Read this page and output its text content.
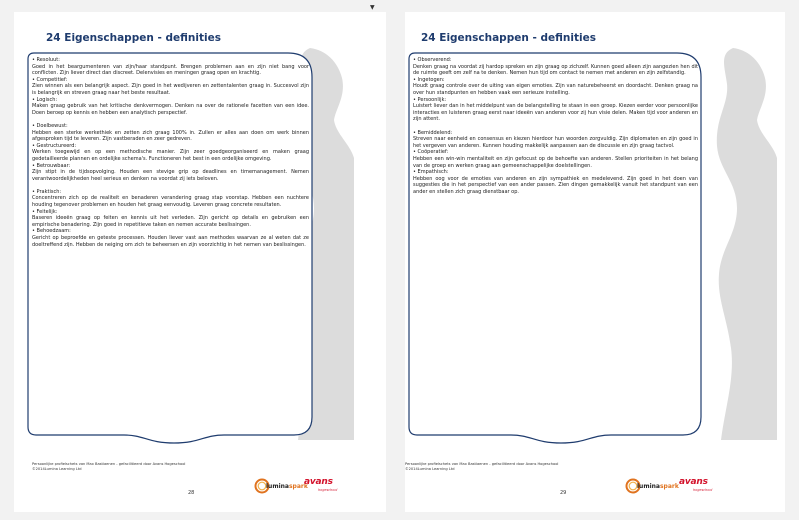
▼
24 Eigenschappen - definities
• Resoluut:
Goed in het beargumenteren van zijn/haar standpunt. Brengen problemen aan en zijn niet bang voor conflicten. Zijn liever direct dan discreet. Delenvisies en meningen graag open en krachtig.
• Competitief:
Zien winnen als een belangrijk aspect. Zijn goed in het wedijveren en zettentalenten graag in. Succesvol zijn is belangrijk en streven graag naar het beste resultaat.
• Logisch:
Maken graag gebruik van het kritische denkvermogen. Denken na over de rationele facetten van een idee. Doen beroep op kennis en hebben een analytisch perspectief.
• Doelbewust:
Hebben een sterke werkethiek en zetten zich graag 100% in. Zullen er alles aan doen om werk binnen afgesproken tijd te leveren. Zijn vastberaden en zeer gedreven.
• Gestructureerd:
Werken toegewijd en op een methodische manier. Zijn zeer goedgeorganiseerd en maken graag gedetailleerde plannen en ordelijke schema's. Functioneren het best in een ordelijke omgeving.
• Betrouwbaar:
Zijn stipt in de tijdsopvolging. Houden een stevige grip op deadlines en timemanagement. Nemen verantwoordelijkheden heel serieus en denken na voordat zij iets beloven.
• Praktisch:
Concentreren zich op de realiteit en benaderen verandering graag stap voorstap. Hebben een nuchtere houding tegenover problemen en houden het graag eenvoudig. Leveren graag concrete resultaten.
• Feitelijk:
Baseren ideeën graag op feiten en kennis uit het verleden. Zijn gericht op details en gebruiken een empirische benadering. Zijn goed in repetitieve taken en nemen accurate beslissingen.
• Behoedzaam:
Gericht op beproefde en geteste processen. Houden liever vast aan methodes waarvan ze al weten dat ze doeltreffend zijn. Hebben de neiging om zich te beheersen en zijn voorzichtig in het nemen van beslissingen.
Persoonlijke profielschets van Max Bastiaenen - gefacilitieerd door Avans Hogeschool
©2014Lumina Learning Ltd
28
luminaspark
avans
hogeschool
24 Eigenschappen - definities
• Observerend:
Denken graag na voordat zij hardop spreken en zijn graag op zichzelf. Kunnen goed alleen zijn aangezien hen dit de ruimte geeft om zelf na te denken. Nemen hun tijd om contact te nemen met anderen en zijn zelfstandig.
• Ingetogen:
Houdt graag controle over de uiting van eigen emoties. Zijn van naturebeheerst en doordacht. Denken graag na over hun standpunten en hebben vaak een serieuze instelling.
• Persoonlijk:
Luistert liever dan in het middelpunt van de belangstelling te staan in een groep. Kiezen eerder voor persoonlijke interacties en luisteren graag eerst naar ideeën van anderen voor zij hun visie delen. Maken tijd voor anderen en zijn attent.
• Bemiddelend:
Streven naar eenheid en consensus en kiezen hierdoor hun woorden zorgvuldig. Zijn diplomaten en zijn goed in het vergeven van anderen. Kunnen houding makkelijk aanpassen aan de discussie en zijn graag tactvol.
• Coöperatief:
Hebben een win-win mentaliteit en zijn gefocust op de behoefte van anderen. Stellen prioriteiten in het belang van de groep en werken graag aan gemeenschappelijke doelstellingen.
• Empathisch:
Hebben oog voor de emoties van anderen en zijn sympathiek en medelevend. Zijn goed in het doen van suggesties die in het perspectief van een ander passen. Zien dingen gemakkelijk vanuit het standpunt van een ander en stellen zich graag dienstbaar op.
Persoonlijke profielschets van Max Bastiaenen - gefacilitieerd door Avans Hogeschool
©2014Lumina Learning Ltd
29
luminaspark avans
hogeschool
